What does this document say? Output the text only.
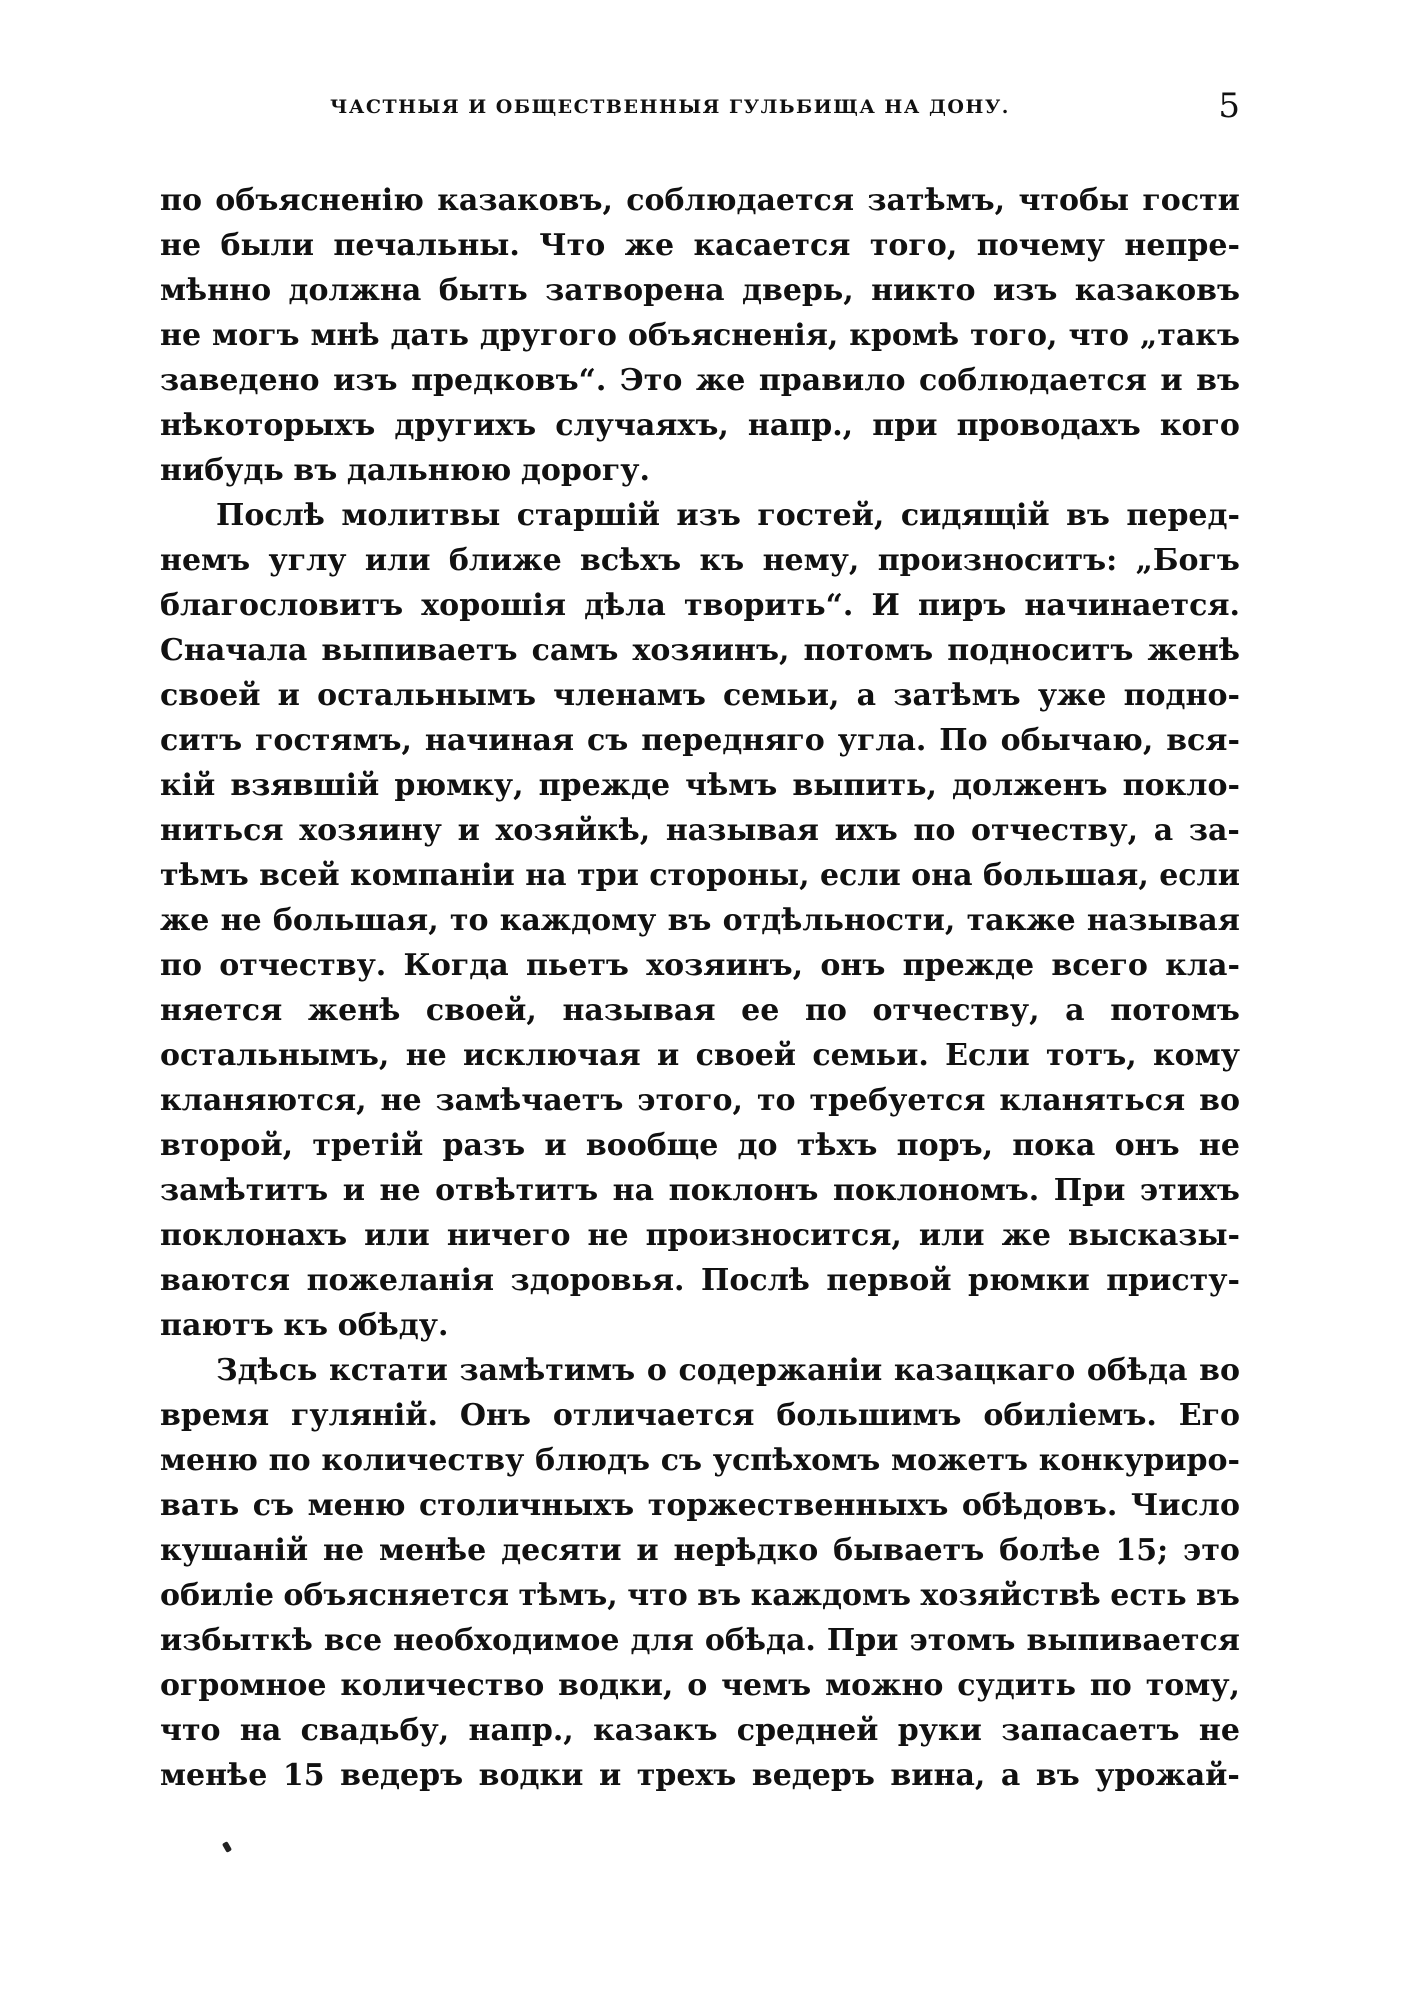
ЧАСТНЫЯ И ОБЩЕСТВЕННЫЯ ГУЛЬБИЩА НА ДОНУ.	5
по объясненію казаковъ, соблюдается затѣмъ, чтобы гости
не были печальны. Что же касается того, почему непре-
мѣнно должна быть затворена дверь, никто изъ казаковъ
не могъ мнѣ дать другого объясненія, кромѣ того, что „такъ
заведено изъ предковъ“. Это же правило соблюдается и въ
нѣкоторыхъ другихъ случаяхъ, напр., при проводахъ кого
нибудь въ дальнюю дорогу.
Послѣ молитвы старшій изъ гостей, сидящій въ перед-
немъ углу или ближе всѣхъ къ нему, произноситъ: „Богъ
благословитъ хорошія дѣла творить“. И пиръ начинается.
Сначала выпиваетъ самъ хозяинъ, потомъ подноситъ женѣ
своей и остальнымъ членамъ семьи, а затѣмъ уже подно-
ситъ гостямъ, начиная съ передняго угла. По обычаю, вся-
кій взявшій рюмку, прежде чѣмъ выпить, долженъ покло-
ниться хозяину и хозяйкѣ, называя ихъ по отчеству, а за-
тѣмъ всей компаніи на три стороны, если она большая, если
же не большая, то каждому въ отдѣльности, также называя
по отчеству. Когда пьетъ хозяинъ, онъ прежде всего кла-
няется женѣ своей, называя ее по отчеству, а потомъ
остальнымъ, не исключая и своей семьи. Если тотъ, кому
кланяются, не замѣчаетъ этого, то требуется кланяться во
второй, третій разъ и вообще до тѣхъ поръ, пока онъ не
замѣтитъ и не отвѣтитъ на поклонъ поклономъ. При этихъ
поклонахъ или ничего не произносится, или же высказы-
ваются пожеланія здоровья. Послѣ первой рюмки присту-
паютъ къ обѣду.
Здѣсь кстати замѣтимъ о содержаніи казацкаго обѣда во
время гуляній. Онъ отличается большимъ обиліемъ. Его
меню по количеству блюдъ съ успѣхомъ можетъ конкуриро-
вать съ меню столичныхъ торжественныхъ обѣдовъ. Число
кушаній не менѣе десяти и нерѣдко бываетъ болѣе 15; это
обиліе объясняется тѣмъ, что въ каждомъ хозяйствѣ есть въ
избыткѣ все необходимое для обѣда. При этомъ выпивается
огромное количество водки, о чемъ можно судить по тому,
что на свадьбу, напр., казакъ средней руки запасаетъ не
менѣе 15 ведеръ водки и трехъ ведеръ вина, а въ урожай-
